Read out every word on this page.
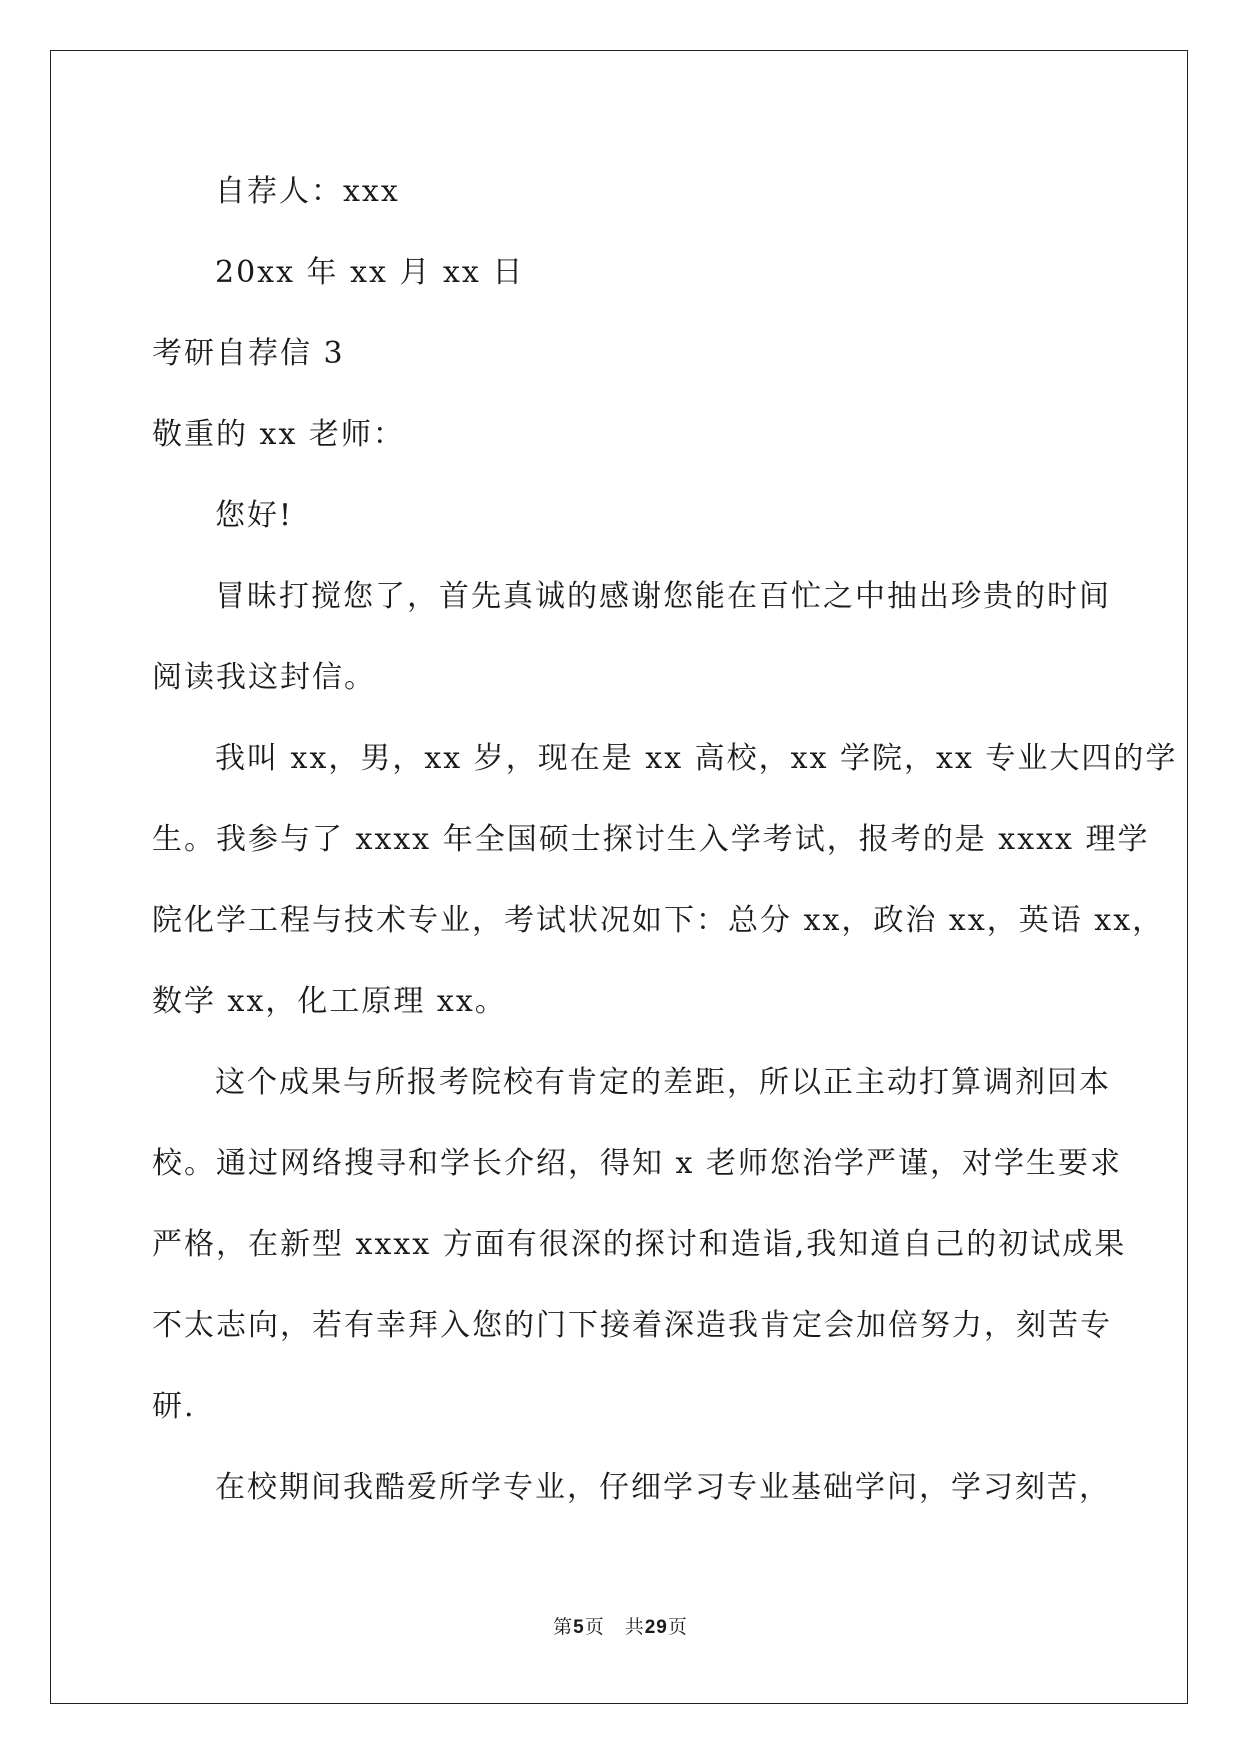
自荐人：xxx
20xx 年 xx 月 xx 日
考研自荐信 3
敬重的 xx 老师：
您好!
冒昧打搅您了，首先真诚的感谢您能在百忙之中抽出珍贵的时间
阅读我这封信。
我叫 xx，男，xx 岁，现在是 xx 高校，xx 学院，xx 专业大四的学
生。我参与了 xxxx 年全国硕士探讨生入学考试，报考的是 xxxx 理学
院化学工程与技术专业，考试状况如下：总分 xx，政治 xx，英语 xx，
数学 xx，化工原理 xx。
这个成果与所报考院校有肯定的差距，所以正主动打算调剂回本
校。通过网络搜寻和学长介绍，得知 x 老师您治学严谨，对学生要求
严格，在新型 xxxx 方面有很深的探讨和造诣,我知道自己的初试成果
不太志向，若有幸拜入您的门下接着深造我肯定会加倍努力，刻苦专
研.
在校期间我酷爱所学专业，仔细学习专业基础学问，学习刻苦，
第5页　共29页
